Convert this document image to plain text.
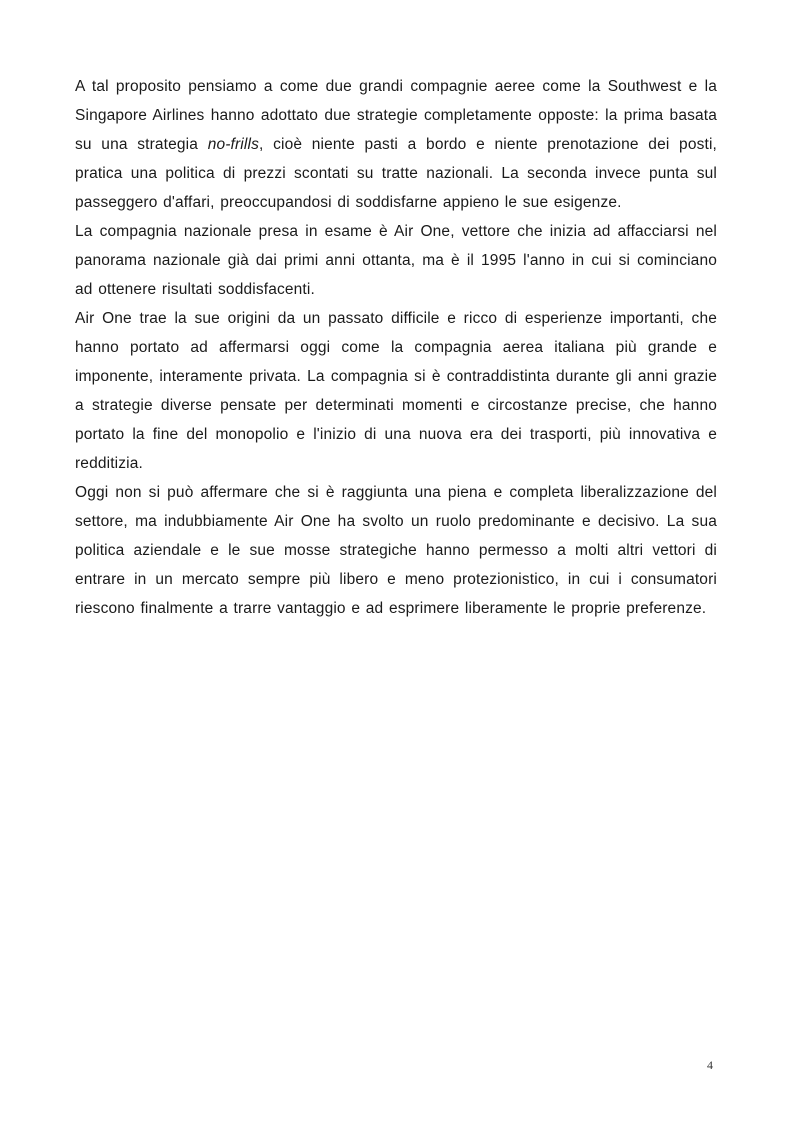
A tal proposito pensiamo a come due grandi compagnie aeree come la Southwest e la Singapore Airlines hanno adottato due strategie completamente opposte: la prima basata su una strategia no-frills, cioè niente pasti a bordo e niente prenotazione dei posti, pratica una politica di prezzi scontati su tratte nazionali. La seconda invece punta sul passeggero d'affari, preoccupandosi di soddisfarne appieno le sue esigenze.

La compagnia nazionale presa in esame è Air One, vettore che inizia ad affacciarsi nel panorama nazionale già dai primi anni ottanta, ma è il 1995 l'anno in cui si cominciano ad ottenere risultati soddisfacenti.

Air One trae la sue origini da un passato difficile e ricco di esperienze importanti, che hanno portato ad affermarsi oggi come la compagnia aerea italiana più grande e imponente, interamente privata. La compagnia si è contraddistinta durante gli anni grazie a strategie diverse pensate per determinati momenti e circostanze precise, che hanno portato la fine del monopolio e l'inizio di una nuova era dei trasporti, più innovativa e redditizia.

Oggi non si può affermare che si è raggiunta una piena e completa liberalizzazione del settore, ma indubbiamente Air One ha svolto un ruolo predominante e decisivo. La sua politica aziendale e le sue mosse strategiche hanno permesso a molti altri vettori di entrare in un mercato sempre più libero e meno protezionistico, in cui i consumatori riescono finalmente a trarre vantaggio e ad esprimere liberamente le proprie preferenze.

4
